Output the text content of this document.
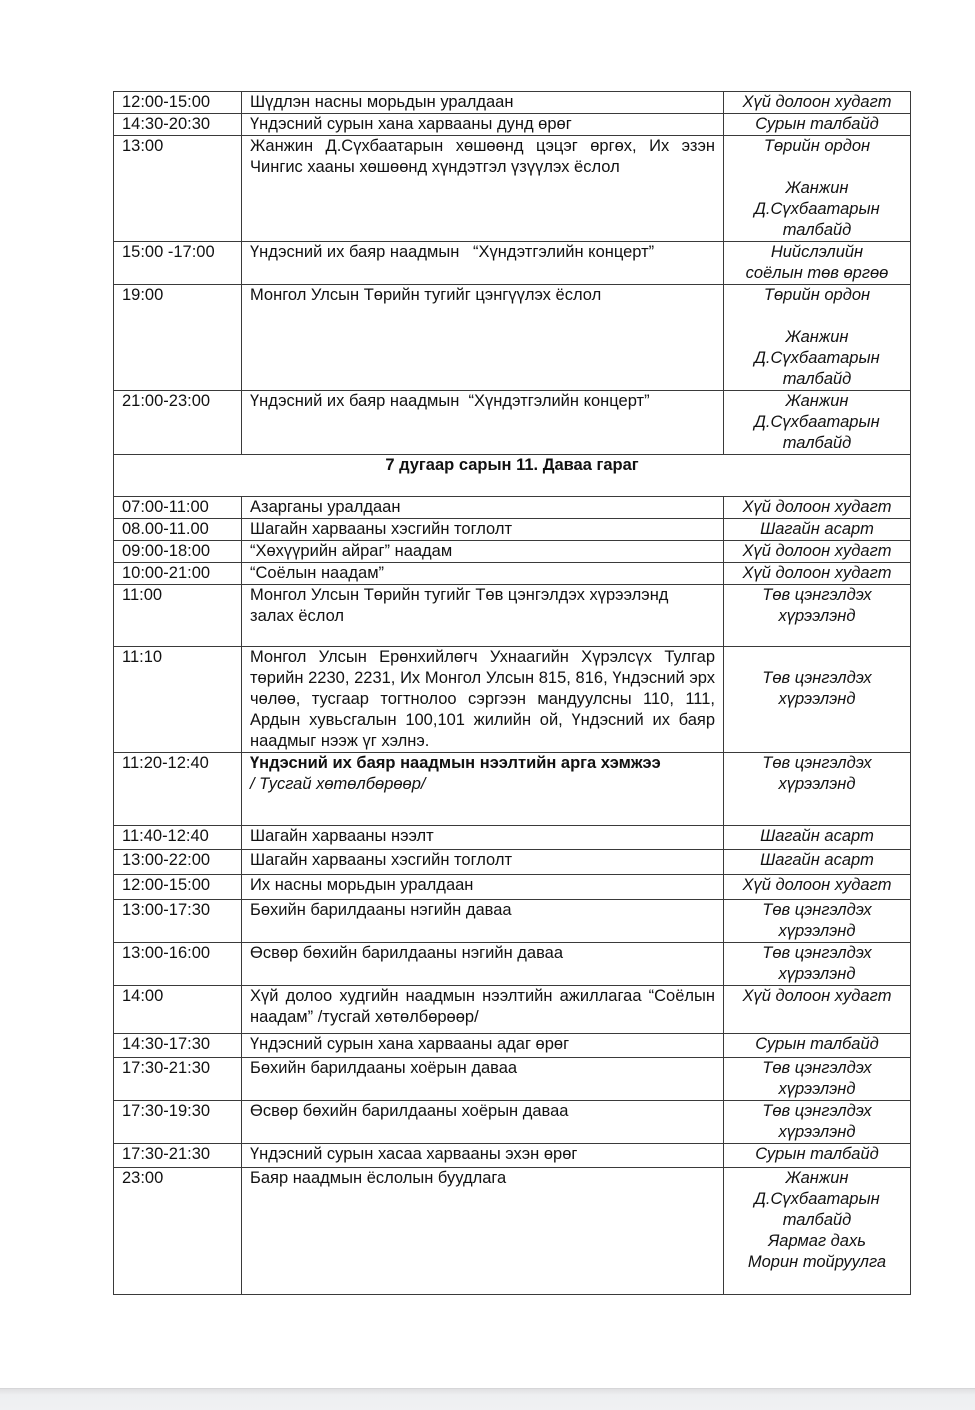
12:00-15:00	Шүдлэн насны морьдын уралдаан	Хүй долоон худагт

14:30-20:30	Үндэсний сурын хана харвааны дунд өрөг	Сурын талбайд

13:00	Жанжин Д.Сүхбаатарын хөшөөнд цэцэг өргөх, Их эзэн Чингис хааны хөшөөнд хүндэтгэл үзүүлэх ёслол	Төрийн ордон
Жанжин
Д.Сүхбаатарын
талбайд

15:00 -17:00	Үндэсний их баяр наадмын   “Хүндэтгэлийн концерт”	Нийслэлийн
соёлын төв өргөө

19:00	Монгол Улсын Төрийн тугийг цэнгүүлэх ёслол	Төрийн ордон
Жанжин
Д.Сүхбаатарын
талбайд

21:00-23:00	Үндэсний их баяр наадмын  “Хүндэтгэлийн концерт”	Жанжин
Д.Сүхбаатарын
талбайд

7 дугаар сарын 11. Даваа гараг		
07:00-11:00	Азарганы уралдаан	Хүй долоон худагт

08.00-11.00	Шагайн харвааны хэсгийн тоглолт	Шагайн асарт

09:00-18:00	“Хөхүүрийн айраг” наадам	Хүй долоон худагт

10:00-21:00	“Соёлын наадам”	Хүй долоон худагт

11:00	Монгол Улсын Төрийн тугийг Төв цэнгэлдэх хүрээлэнд залах ёслол	Төв цэнгэлдэх
хүрээлэнд

11:10	Монгол Улсын Ерөнхийлөгч Ухнаагийн Хүрэлсүх Тулгар төрийн 2230, 2231, Их Монгол Улсын 815, 816, Үндэсний эрх чөлөө, тусгаар тогтнолоо сэргээн мандуулсны 110, 111, Ардын хувьсгалын 100,101 жилийн ой, Үндэсний их баяр наадмыг нээж үг хэлнэ.	Төв цэнгэлдэх
хүрээлэнд

11:20-12:40	Үндэсний их баяр наадмын нээлтийн арга хэмжээ
/ Тусгай хөтөлбөрөөр/	Төв цэнгэлдэх
хүрээлэнд

11:40-12:40	Шагайн харвааны нээлт	Шагайн асарт

13:00-22:00	Шагайн харвааны хэсгийн тоглолт	Шагайн асарт

12:00-15:00	Их насны морьдын уралдаан	Хүй долоон худагт

13:00-17:30	Бөхийн барилдааны нэгийн даваа	Төв цэнгэлдэх
хүрээлэнд

13:00-16:00	Өсвөр бөхийн барилдааны нэгийн даваа	Төв цэнгэлдэх
хүрээлэнд

14:00	Хүй долоо худгийн наадмын нээлтийн ажиллагаа “Соёлын наадам” /тусгай хөтөлбөрөөр/	Хүй долоон худагт

14:30-17:30	Үндэсний сурын хана харвааны адаг өрөг	Сурын талбайд

17:30-21:30	Бөхийн барилдааны хоёрын даваа	Төв цэнгэлдэх
хүрээлэнд

17:30-19:30	Өсвөр бөхийн барилдааны хоёрын даваа	Төв цэнгэлдэх
хүрээлэнд

17:30-21:30	Үндэсний сурын хасаа харвааны эхэн өрөг	Сурын талбайд

23:00	Баяр наадмын ёслолын буудлага	Жанжин
Д.Сүхбаатарын
талбайд
Яармаг дахь
Морин тойруулга
